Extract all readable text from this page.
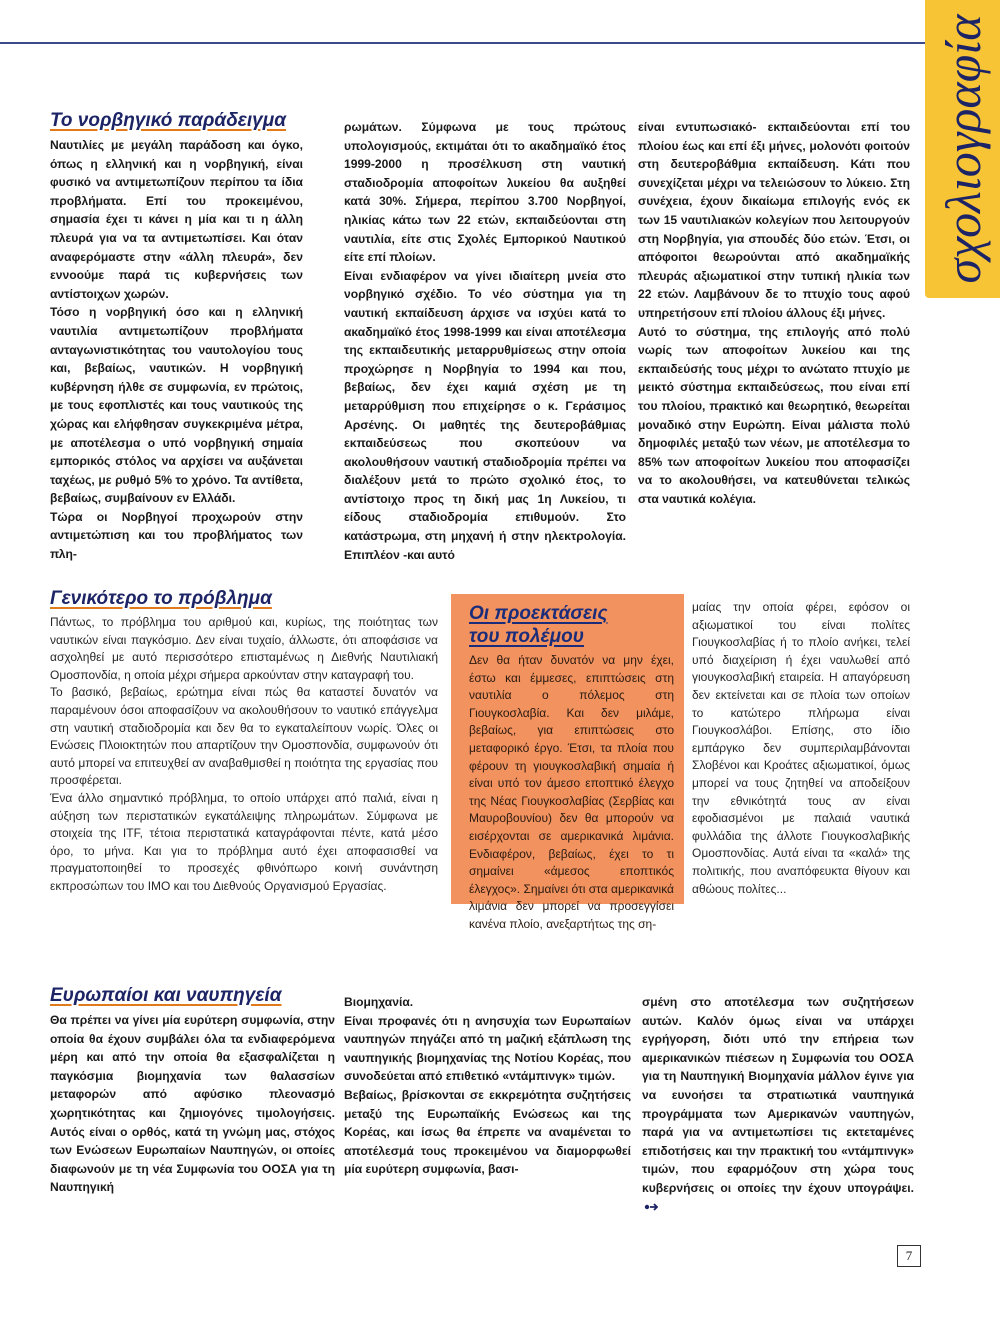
σχολιογραφία
Το νορβηγικό παράδειγμα

Ναυτιλίες με μεγάλη παράδοση και όγκο, όπως η ελληνική και η νορβηγική, είναι φυσικό να αντιμετωπίζουν περίπου τα ίδια προβλήματα. Επί του προκειμένου, σημασία έχει τι κάνει η μία και τι η άλλη πλευρά για να τα αντιμετωπίσει. Και όταν αναφερόμαστε στην «άλλη πλευρά», δεν εννοούμε παρά τις κυβερνήσεις των αντίστοιχων χωρών.

Τόσο η νορβηγική όσο και η ελληνική ναυτιλία αντιμετωπίζουν προβλήματα ανταγωνιστικότητας του ναυτολογίου τους και, βεβαίως, ναυτικών. Η νορβηγική κυβέρνηση ήλθε σε συμφωνία, εν πρώτοις, με τους εφοπλιστές και τους ναυτικούς της χώρας και ελήφθησαν συγκεκριμένα μέτρα, με αποτέλεσμα ο υπό νορβηγική σημαία εμπορικός στόλος να αρχίσει να αυξάνεται ταχέως, με ρυθμό 5% το χρόνο. Τα αντίθετα, βεβαίως, συμβαίνουν εν Ελλάδι.

Τώρα οι Νορβηγοί προχωρούν στην αντιμετώπιση και του προβλήματος των πλη-

ρωμάτων. Σύμφωνα με τους πρώτους υπολογισμούς, εκτιμάται ότι το ακαδημαϊκό έτος 1999-2000 η προσέλκυση στη ναυτική σταδιοδρομία αποφοίτων λυκείου θα αυξηθεί κατά 30%. Σήμερα, περίπου 3.700 Νορβηγοί, ηλικίας κάτω των 22 ετών, εκπαιδεύονται στη ναυτιλία, είτε στις Σχολές Εμπορικού Ναυτικού είτε επί πλοίων.

Είναι ενδιαφέρον να γίνει ιδιαίτερη μνεία στο νορβηγικό σχέδιο. Το νέο σύστημα για τη ναυτική εκπαίδευση άρχισε να ισχύει κατά το ακαδημαϊκό έτος 1998-1999 και είναι αποτέλεσμα της εκπαιδευτικής μεταρρυθμίσεως στην οποία προχώρησε η Νορβηγία το 1994 και που, βεβαίως, δεν έχει καμιά σχέση με τη μεταρρύθμιση που επιχείρησε ο κ. Γεράσιμος Αρσένης. Οι μαθητές της δευτεροβάθμιας εκπαιδεύσεως που σκοπεύουν να ακολουθήσουν ναυτική σταδιοδρομία πρέπει να διαλέξουν μετά το πρώτο σχολικό έτος, το αντίστοιχο προς τη δική μας 1η Λυκείου, τι είδους σταδιοδρομία επιθυμούν. Στο κατάστρωμα, στη μηχανή ή στην ηλεκτρολογία. Επιπλέον -και αυτό

είναι εντυπωσιακό- εκπαιδεύονται επί του πλοίου έως και επί έξι μήνες, μολονότι φοιτούν στη δευτεροβάθμια εκπαίδευση. Κάτι που συνεχίζεται μέχρι να τελειώσουν το λύκειο. Στη συνέχεια, έχουν δικαίωμα επιλογής ενός εκ των 15 ναυτιλιακών κολεγίων που λειτουργούν στη Νορβηγία, για σπουδές δύο ετών. Έτσι, οι απόφοιτοι θεωρούνται από ακαδημαϊκής πλευράς αξιωματικοί στην τυπική ηλικία των 22 ετών. Λαμβάνουν δε το πτυχίο τους αφού υπηρετήσουν επί πλοίου άλλους έξι μήνες.

Αυτό το σύστημα, της επιλογής από πολύ νωρίς των αποφοίτων λυκείου και της εκπαιδεύσής τους μέχρι το ανώτατο πτυχίο με μεικτό σύστημα εκπαιδεύσεως, που είναι επί του πλοίου, πρακτικό και θεωρητικό, θεωρείται μοναδικό στην Ευρώπη. Είναι μάλιστα πολύ δημοφιλές μεταξύ των νέων, με αποτέλεσμα το 85% των αποφοίτων λυκείου που αποφασίζει να το ακολουθήσει, να κατευθύνεται τελικώς στα ναυτικά κολέγια.

Γενικότερο το πρόβλημα

Πάντως, το πρόβλημα του αριθμού και, κυρίως, της ποιότητας των ναυτικών είναι παγκόσμιο. Δεν είναι τυχαίο, άλλωστε, ότι αποφάσισε να ασχοληθεί με αυτό περισσότερο επισταμένως η Διεθνής Ναυτιλιακή Ομοσπονδία, η οποία μέχρι σήμερα αρκούνταν στην καταγραφή του.

Το βασικό, βεβαίως, ερώτημα είναι πώς θα καταστεί δυνατόν να παραμένουν όσοι αποφασίζουν να ακολουθήσουν το ναυτικό επάγγελμα στη ναυτική σταδιοδρομία και δεν θα το εγκαταλείπουν νωρίς. Όλες οι Ενώσεις Πλοιοκτητών που απαρτίζουν την Ομοσπονδία, συμφωνούν ότι αυτό μπορεί να επιτευχθεί αν αναβαθμισθεί η ποιότητα της εργασίας που προσφέρεται.

Ένα άλλο σημαντικό πρόβλημα, το οποίο υπάρχει από παλιά, είναι η αύξηση των περιστατικών εγκατάλειψης πληρωμάτων. Σύμφωνα με στοιχεία της ITF, τέτοια περιστατικά καταγράφονται πέντε, κατά μέσο όρο, το μήνα. Και για το πρόβλημα αυτό έχει αποφασισθεί να πραγματοποιηθεί το προσεχές φθινόπωρο κοινή συνάντηση εκπροσώπων του ΙΜΟ και του Διεθνούς Οργανισμού Εργασίας.

Οι προεκτάσεις
του πολέμου

Δεν θα ήταν δυνατόν να μην έχει, έστω και έμμεσες, επιπτώσεις στη ναυτιλία ο πόλεμος στη Γιουγκοσλαβία. Και δεν μιλάμε, βεβαίως, για επιπτώσεις στο μεταφορικό έργο. Έτσι, τα πλοία που φέρουν τη γιουγκοσλαβική σημαία ή είναι υπό τον άμεσο εποπτικό έλεγχο της Νέας Γιουγκοσλαβίας (Σερβίας και Μαυροβουνίου) δεν θα μπορούν να εισέρχονται σε αμερικανικά λιμάνια. Ενδιαφέρον, βεβαίως, έχει το τι σημαίνει «άμεσος εποπτικός έλεγχος». Σημαίνει ότι στα αμερικανικά λιμάνια δεν μπορεί να προσεγγίσει κανένα πλοίο, ανεξαρτήτως της ση-

μαίας την οποία φέρει, εφόσον οι αξιωματικοί του είναι πολίτες Γιουγκοσλαβίας ή το πλοίο ανήκει, τελεί υπό διαχείριση ή έχει ναυλωθεί από γιουγκοσλαβική εταιρεία. Η απαγόρευση δεν εκτείνεται και σε πλοία των οποίων το κατώτερο πλήρωμα είναι Γιουγκοσλάβοι. Επίσης, στο ίδιο εμπάργκο δεν συμπεριλαμβάνονται Σλοβένοι και Κροάτες αξιωματικοί, όμως μπορεί να τους ζητηθεί να αποδείξουν την εθνικότητά τους αν είναι εφοδιασμένοι με παλαιά ναυτικά φυλλάδια της άλλοτε Γιουγκοσλαβικής Ομοσπονδίας. Αυτά είναι τα «καλά» της πολιτικής, που αναπόφευκτα θίγουν και αθώους πολίτες...

Ευρωπαίοι και ναυπηγεία

Θα πρέπει να γίνει μία ευρύτερη συμφωνία, στην οποία θα έχουν συμβάλει όλα τα ενδιαφερόμενα μέρη και από την οποία θα εξασφαλίζεται η παγκόσμια βιομηχανία των θαλασσίων μεταφορών από αφύσικο πλεονασμό χωρητικότητας και ζημιογόνες τιμολογήσεις. Αυτός είναι ο ορθός, κατά τη γνώμη μας, στόχος των Ενώσεων Ευρωπαίων Ναυπηγών, οι οποίες διαφωνούν με τη νέα Συμφωνία του ΟΟΣΑ για τη Ναυπηγική

Βιομηχανία.

Είναι προφανές ότι η ανησυχία των Ευρωπαίων ναυπηγών πηγάζει από τη μαζική εξάπλωση της ναυπηγικής βιομηχανίας της Νοτίου Κορέας, που συνοδεύεται από επιθετικό «ντάμπινγκ» τιμών.

Βεβαίως, βρίσκονται σε εκκρεμότητα συζητήσεις μεταξύ της Ευρωπαϊκής Ενώσεως και της Κορέας, και ίσως θα έπρεπε να αναμένεται το αποτέλεσμά τους προκειμένου να διαμορφωθεί μία ευρύτερη συμφωνία, βασι-

σμένη στο αποτέλεσμα των συζητήσεων αυτών. Καλόν όμως είναι να υπάρχει εγρήγορση, διότι υπό την επήρεια των αμερικανικών πιέσεων η Συμφωνία του ΟΟΣΑ για τη Ναυπηγική Βιομηχανία μάλλον έγινε για να ευνοήσει τα στρατιωτικά ναυπηγικά προγράμματα των Αμερικανών ναυπηγών, παρά για να αντιμετωπίσει τις εκτεταμένες επιδοτήσεις και την πρακτική του «ντάμπινγκ» τιμών, που εφαρμόζουν στη χώρα τους κυβερνήσεις οι οποίες την έχουν υπογράψει.

7
